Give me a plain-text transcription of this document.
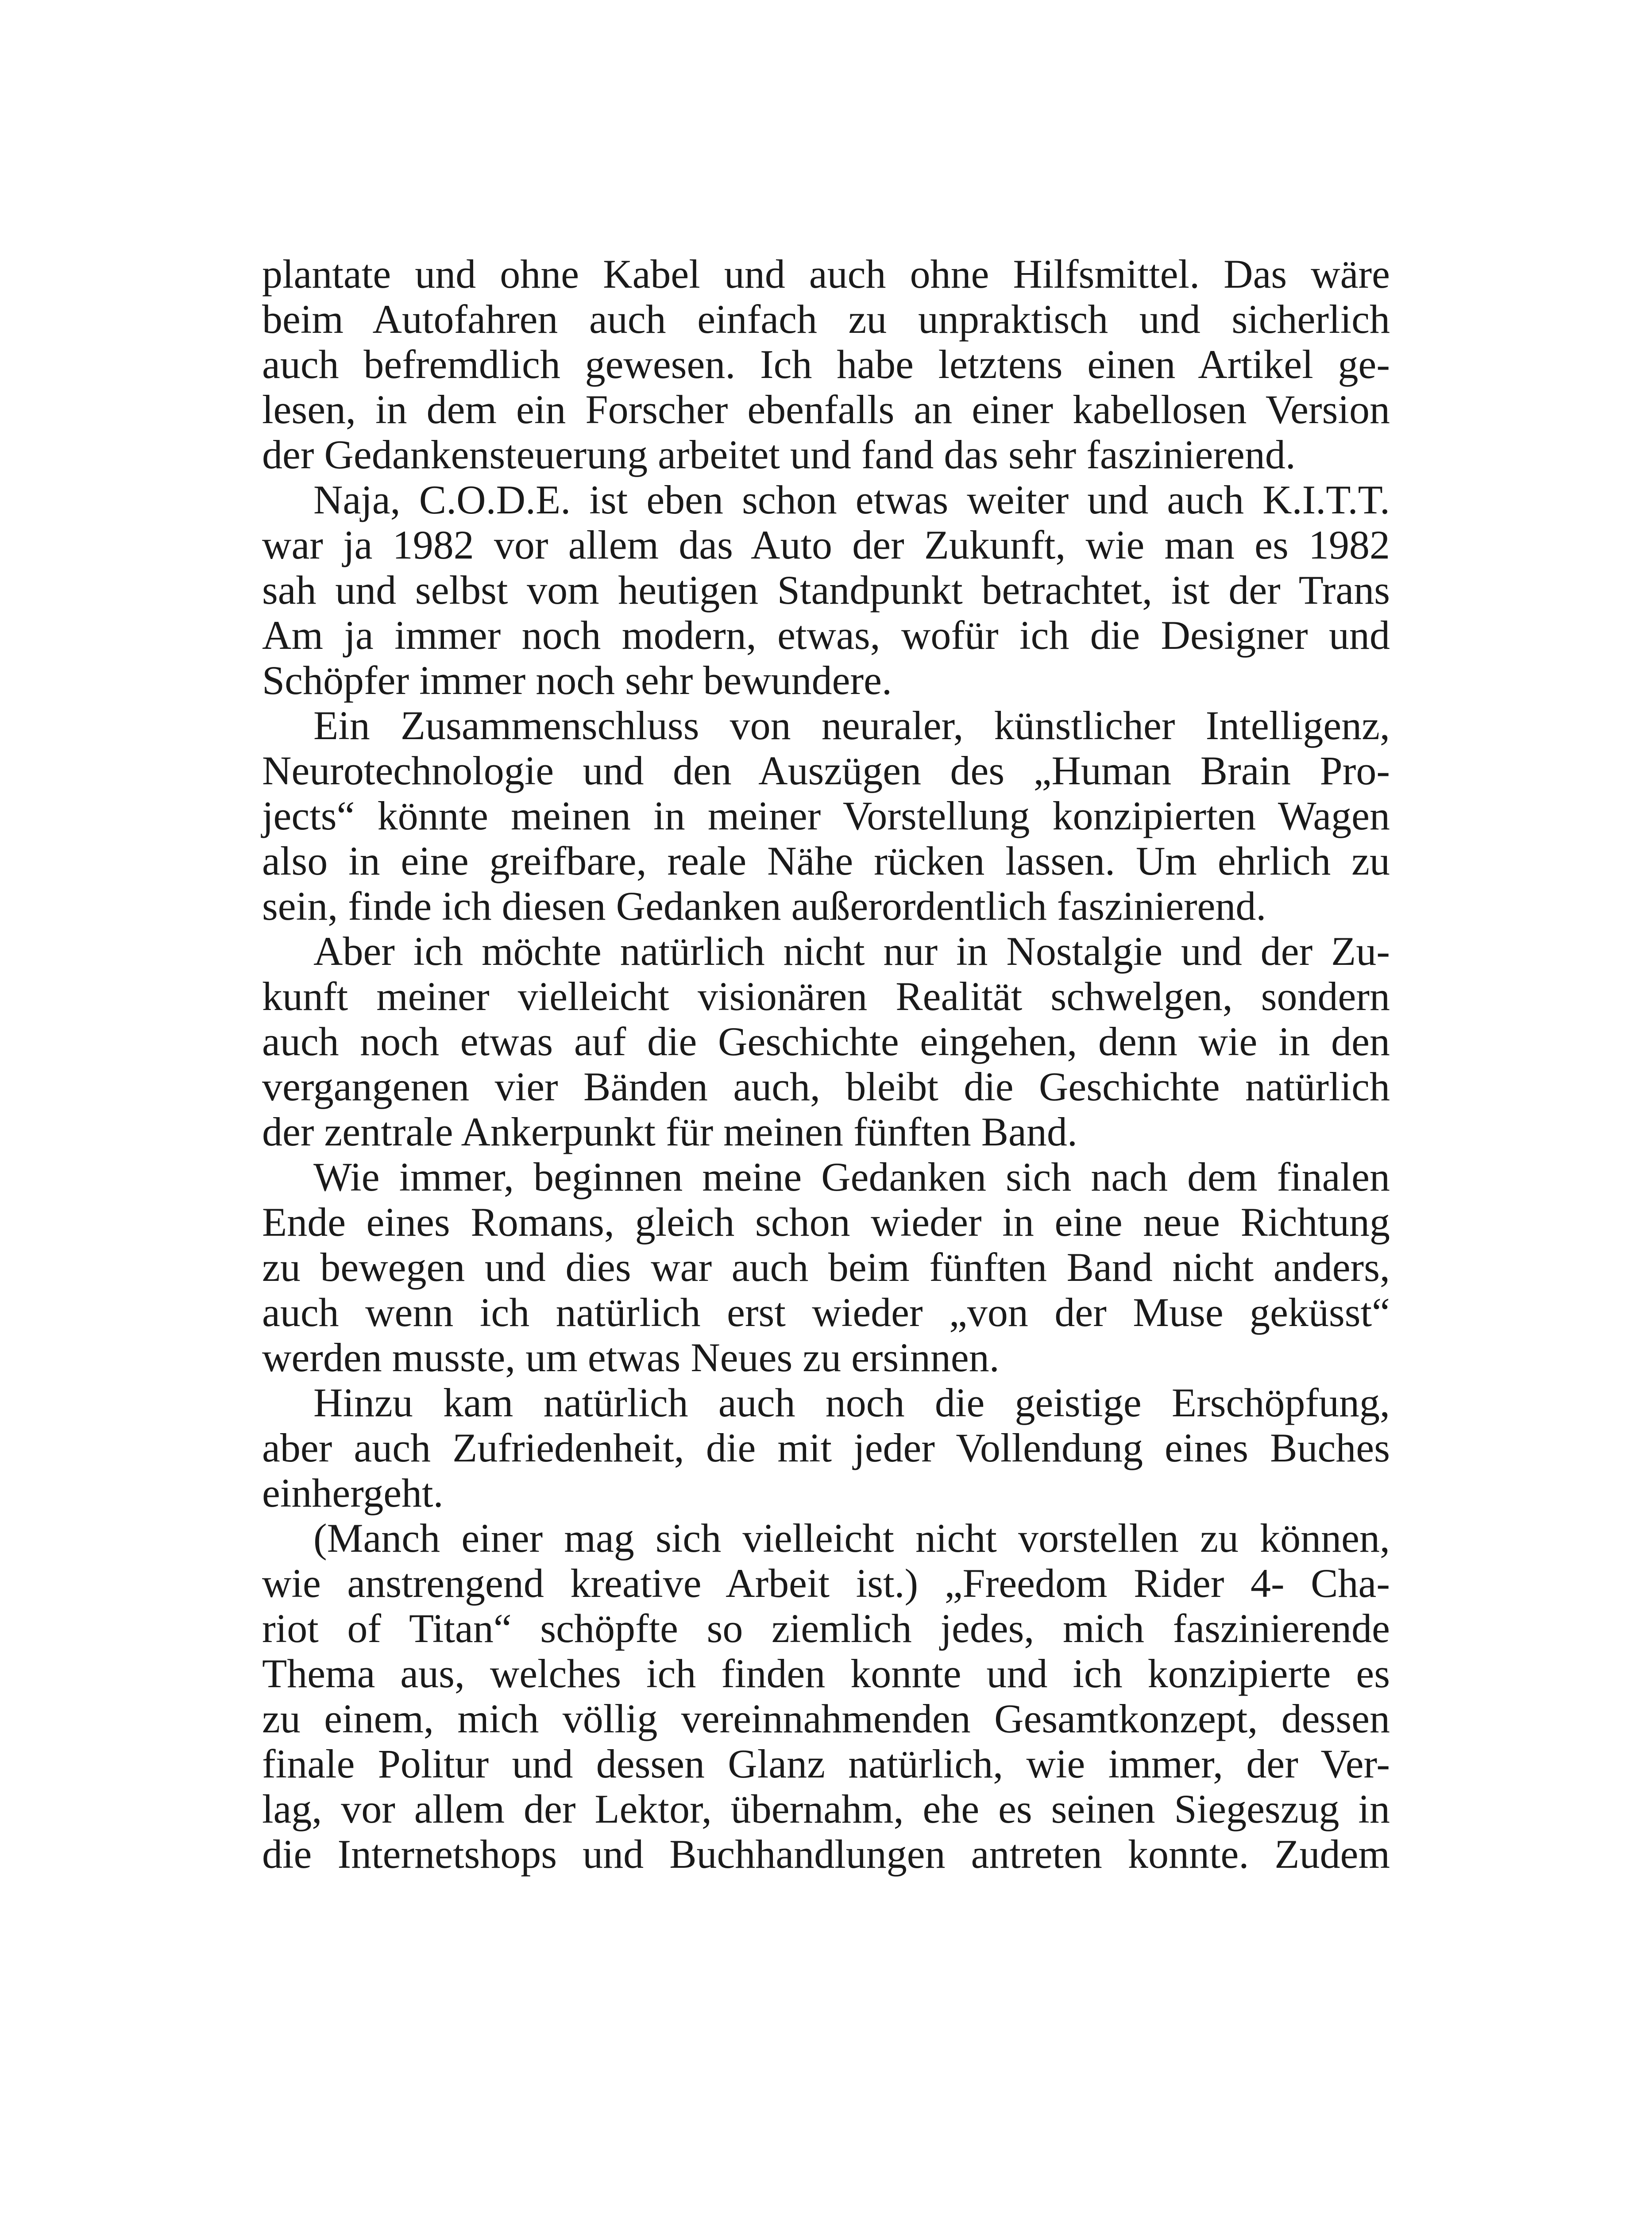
plantate und ohne Kabel und auch ohne Hilfsmittel. Das wäre
beim Autofahren auch einfach zu unpraktisch und sicherlich
auch befremdlich gewesen. Ich habe letztens einen Artikel ge-
lesen, in dem ein Forscher ebenfalls an einer kabellosen Version
der Gedankensteuerung arbeitet und fand das sehr faszinierend.
Naja, C.O.D.E. ist eben schon etwas weiter und auch K.I.T.T.
war ja 1982 vor allem das Auto der Zukunft, wie man es 1982
sah und selbst vom heutigen Standpunkt betrachtet, ist der Trans
Am ja immer noch modern, etwas, wofür ich die Designer und
Schöpfer immer noch sehr bewundere.
Ein Zusammenschluss von neuraler, künstlicher Intelligenz,
Neurotechnologie und den Auszügen des „Human Brain Pro-
jects“ könnte meinen in meiner Vorstellung konzipierten Wagen
also in eine greifbare, reale Nähe rücken lassen. Um ehrlich zu
sein, finde ich diesen Gedanken außerordentlich faszinierend.
Aber ich möchte natürlich nicht nur in Nostalgie und der Zu-
kunft meiner vielleicht visionären Realität schwelgen, sondern
auch noch etwas auf die Geschichte eingehen, denn wie in den
vergangenen vier Bänden auch, bleibt die Geschichte natürlich
der zentrale Ankerpunkt für meinen fünften Band.
Wie immer, beginnen meine Gedanken sich nach dem finalen
Ende eines Romans, gleich schon wieder in eine neue Richtung
zu bewegen und dies war auch beim fünften Band nicht anders,
auch wenn ich natürlich erst wieder „von der Muse geküsst“
werden musste, um etwas Neues zu ersinnen.
Hinzu kam natürlich auch noch die geistige Erschöpfung,
aber auch Zufriedenheit, die mit jeder Vollendung eines Buches
einhergeht.
(Manch einer mag sich vielleicht nicht vorstellen zu können,
wie anstrengend kreative Arbeit ist.) „Freedom Rider 4- Cha-
riot of Titan“ schöpfte so ziemlich jedes, mich faszinierende
Thema aus, welches ich finden konnte und ich konzipierte es
zu einem, mich völlig vereinnahmenden Gesamtkonzept, dessen
finale Politur und dessen Glanz natürlich, wie immer, der Ver-
lag, vor allem der Lektor, übernahm, ehe es seinen Siegeszug in
die Internetshops und Buchhandlungen antreten konnte. Zudem
